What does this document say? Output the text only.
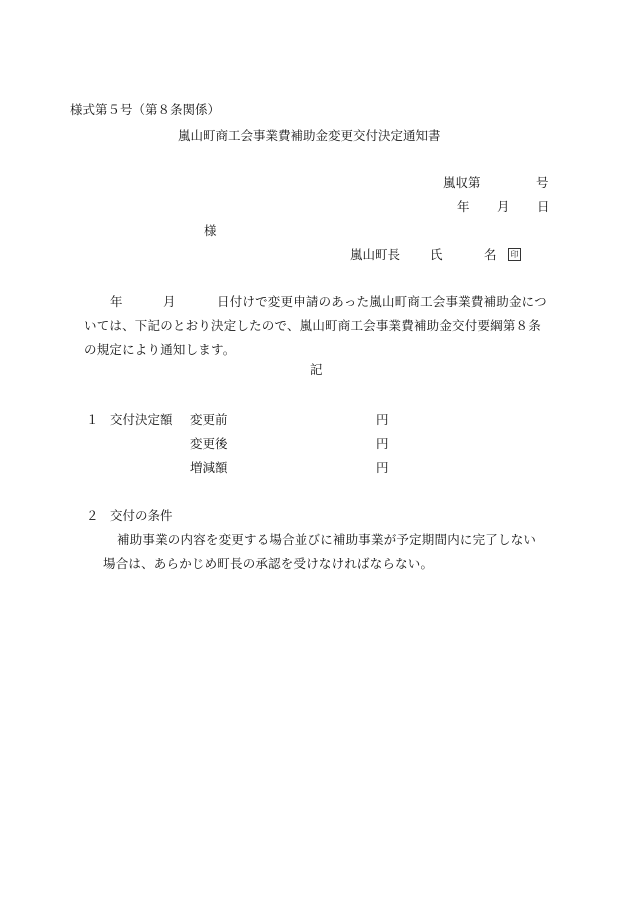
様式第５号（第８条関係）
嵐山町商工会事業費補助金変更交付決定通知書
嵐収第	号
年 月 日
様
嵐山町長 氏	名	印
年	月	日付けで変更申請のあった嵐山町商工会事業費補助金につ
いては、下記のとおり決定したので、嵐山町商工会事業費補助金交付要綱第８条
の規定により通知します。
記
１ 交付決定額 変更前	円
変更後	円
増減額	円
２ 交付の条件
補助事業の内容を変更する場合並びに補助事業が予定期間内に完了しない
場合は、あらかじめ町長の承認を受けなければならない。
